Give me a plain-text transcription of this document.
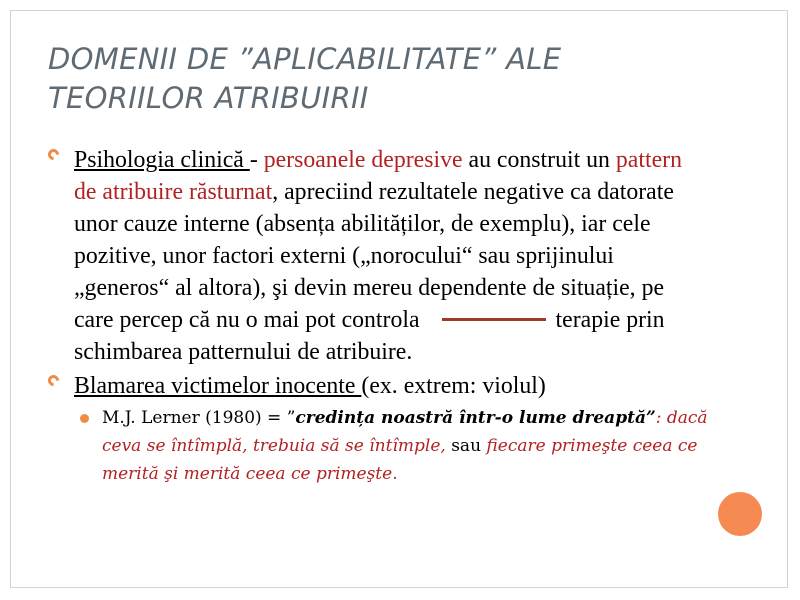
DOMENII DE ”APLICABILITATE” ALE
TEORIILOR ATRIBUIRII

Psihologia clinică - persoanele depresive au construit un pattern de atribuire răsturnat, apreciind rezultatele negative ca datorate unor cauze interne (absența abilităților, de exemplu), iar cele pozitive, unor factori externi („norocului“ sau sprijinului „generos“ al altora), şi devin mereu dependente de situație, pe care percep că nu o mai pot controla	terapie prin schimbarea patternului de atribuire.

Blamarea victimelor inocente (ex. extrem: violul)

M.J. Lerner (1980) = ”credința noastră într-o lume dreaptă”: dacă ceva se întîmplă, trebuia să se întîmple, sau fiecare primeşte ceea ce merită şi merită ceea ce primeşte.
